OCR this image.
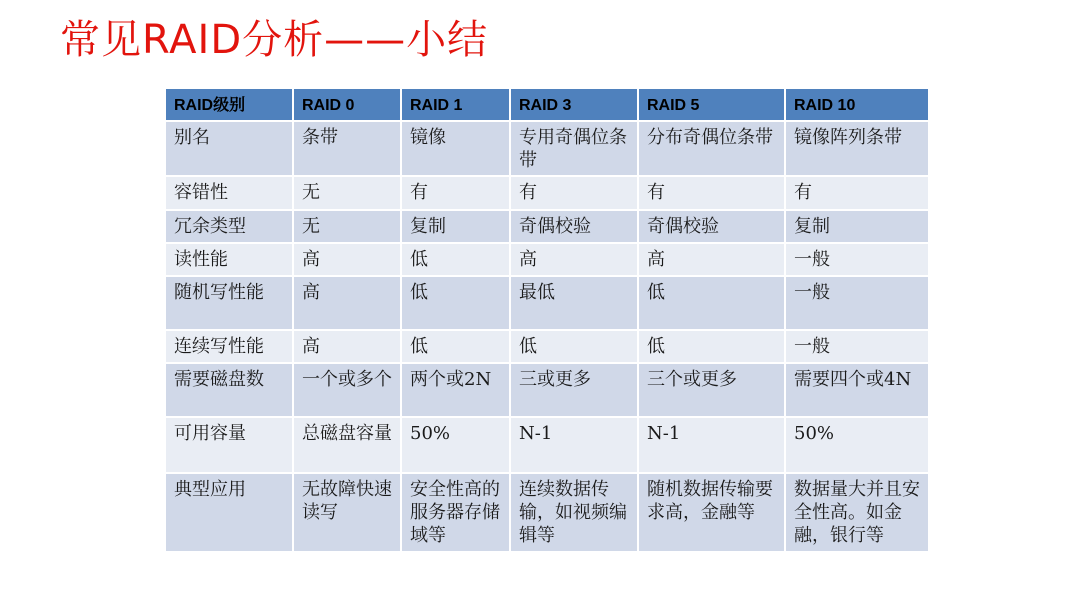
常见RAID分析——小结
RAID级别	RAID 0	RAID 1	RAID 3	RAID 5	RAID 10
别名	条带	镜像	专用奇偶位条带	分布奇偶位条带	镜像阵列条带
容错性	无	有	有	有	有
冗余类型	无	复制	奇偶校验	奇偶校验	复制
读性能	高	低	高	高	一般
随机写性能	高	低	最低	低	一般
连续写性能	高	低	低	低	一般
需要磁盘数	一个或多个	两个或2N	三或更多	三个或更多	需要四个或4N
可用容量	总磁盘容量	50%	N-1	N-1	50%
典型应用	无故障快速读写	安全性高的服务器存储域等	连续数据传输，如视频编辑等	随机数据传输要求高，金融等	数据量大并且安全性高。如金融，银行等
